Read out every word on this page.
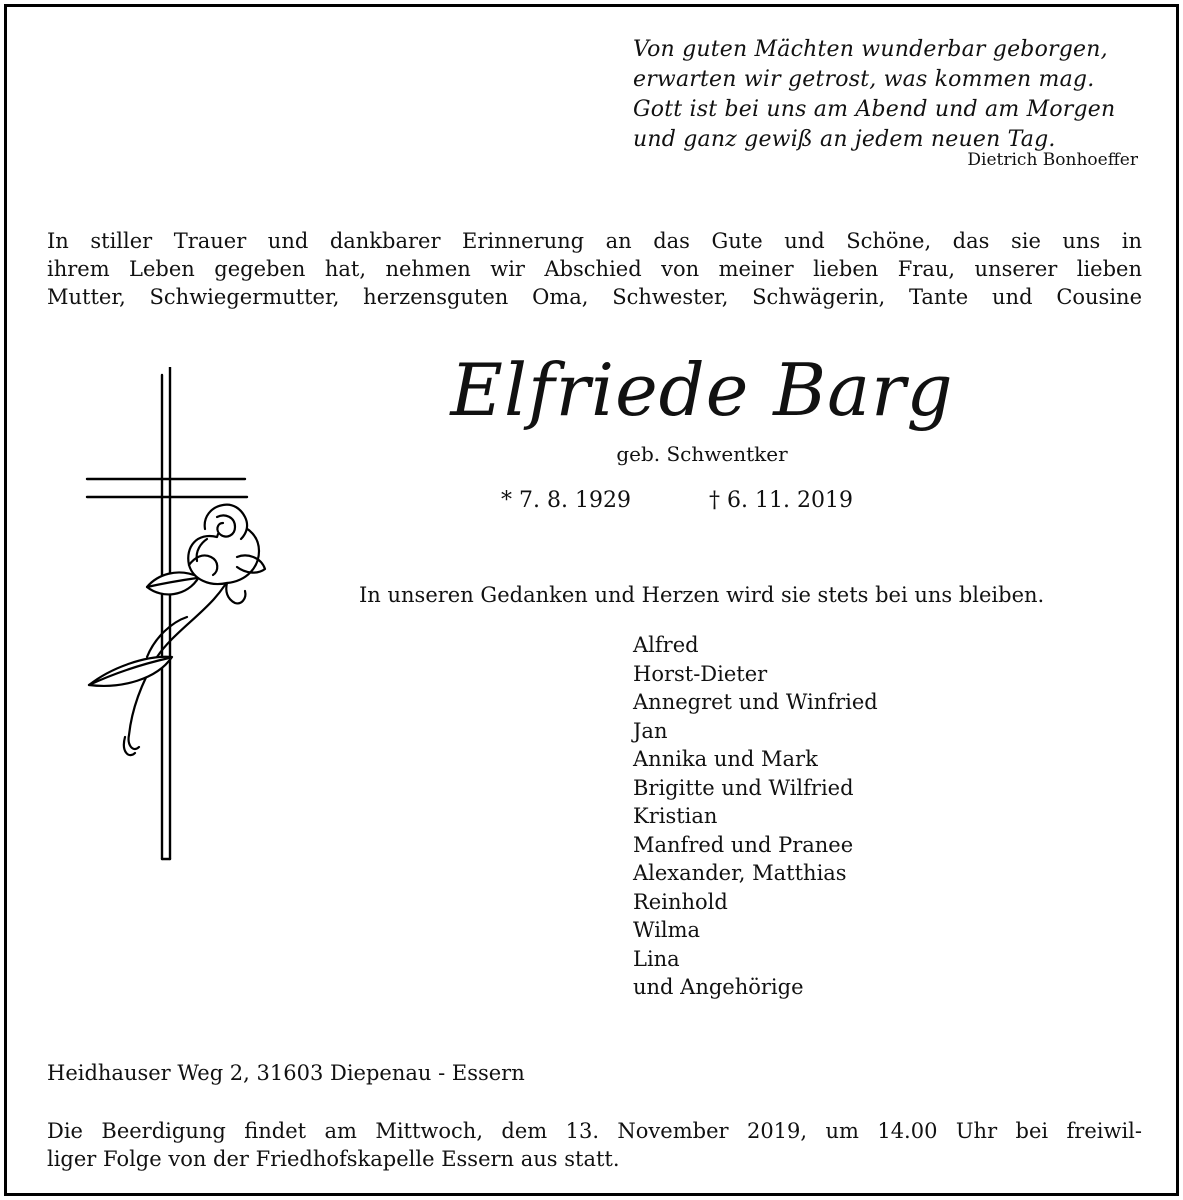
Von guten Mächten wunderbar geborgen,
erwarten wir getrost, was kommen mag.
Gott ist bei uns am Abend und am Morgen
und ganz gewiß an jedem neuen Tag.
Dietrich Bonhoeffer
In stiller Trauer und dankbarer Erinnerung an das Gute und Schöne, das sie uns in
ihrem Leben gegeben hat, nehmen wir Abschied von meiner lieben Frau, unserer lieben
Mutter, Schwiegermutter, herzensguten Oma, Schwester, Schwägerin, Tante und Cousine
Elfriede Barg
geb. Schwentker
* 7. 8. 1929	† 6. 11. 2019
In unseren Gedanken und Herzen wird sie stets bei uns bleiben.
Alfred
Horst-Dieter
Annegret und Winfried
Jan
Annika und Mark
Brigitte und Wilfried
Kristian
Manfred und Pranee
Alexander, Matthias
Reinhold
Wilma
Lina
und Angehörige
Heidhauser Weg 2, 31603 Diepenau - Essern
Die Beerdigung findet am Mittwoch, dem 13. November 2019, um 14.00 Uhr bei freiwil-
liger Folge von der Friedhofskapelle Essern aus statt.
